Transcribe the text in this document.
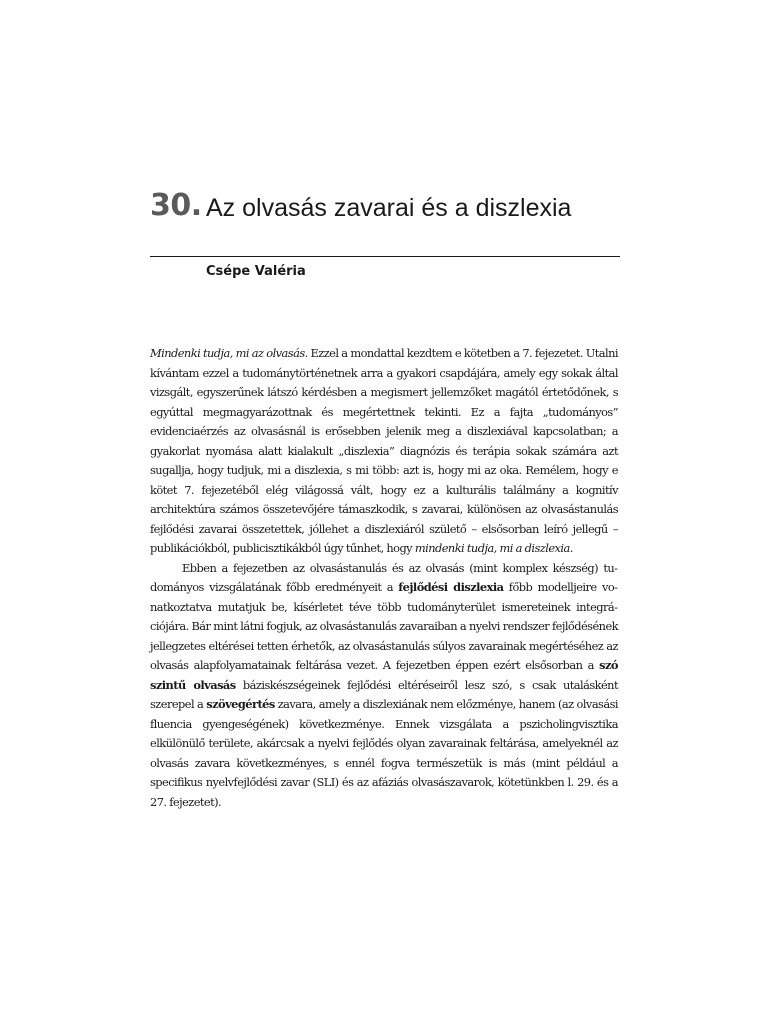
30. Az olvasás zavarai és a diszlexia
Csépe Valéria

Mindenki tudja, mi az olvasás. Ezzel a mondattal kezdtem e kötetben a 7. fejezetet. Utalni kívántam ezzel a tudománytörténetnek arra a gyakori csapdájára, amely egy sokak által vizsgált, egyszerűnek látszó kérdésben a megismert jellemzőket magától értetődőnek, s egyúttal megmagyarázottnak és megértettnek tekinti. Ez a fajta „tudományos” evidenciaérzés az olvasásnál is erősebben jelenik meg a diszlexiával kapcsolatban; a gyakorlat nyomása alatt kialakult „diszlexia” diagnózis és terápia sokak számára azt sugallja, hogy tudjuk, mi a diszlexia, s mi több: azt is, hogy mi az oka. Remélem, hogy e kötet 7. fejezetéből elég világossá vált, hogy ez a kulturális találmány a kognitív architektúra számos összetevőjére támaszkodik, s zavarai, különösen az olvasástanulás fejlődési zavarai összetettek, jóllehet a diszlexiáról születő – elsősorban leíró jellegű – publikációkból, publicisztikákból úgy tűnhet, hogy mindenki tudja, mi a diszlexia.

Ebben a fejezetben az olvasástanulás és az olvasás (mint komplex készség) tudományos vizsgálatának főbb eredményeit a fejlődési diszlexia főbb modelljeire vonatkoztatva mutatjuk be, kísérletet téve több tudományterület ismereteinek integrációjára. Bár mint látni fogjuk, az olvasástanulás zavaraiban a nyelvi rendszer fejlődésének jellegzetes eltérései tetten érhetők, az olvasástanulás súlyos zavarainak megértéséhez az olvasás alapfolyamatainak feltárása vezet. A fejezetben éppen ezért elsősorban a szó szintű olvasás báziskészségeinek fejlődési eltéréseiről lesz szó, s csak utalásként szerepel a szövegértés zavara, amely a diszlexiának nem előzménye, hanem (az olvasási fluencia gyengeségének) következménye. Ennek vizsgálata a pszicholingvisztika elkülönülő területe, akárcsak a nyelvi fejlődés olyan zavarainak feltárása, amelyeknél az olvasás zavara következményes, s ennél fogva természetük is más (mint például a specifikus nyelvfejlődési zavar (SLI) és az afáziás olvasászavarok, kötetünkben l. 29. és a 27. fejezetet).
